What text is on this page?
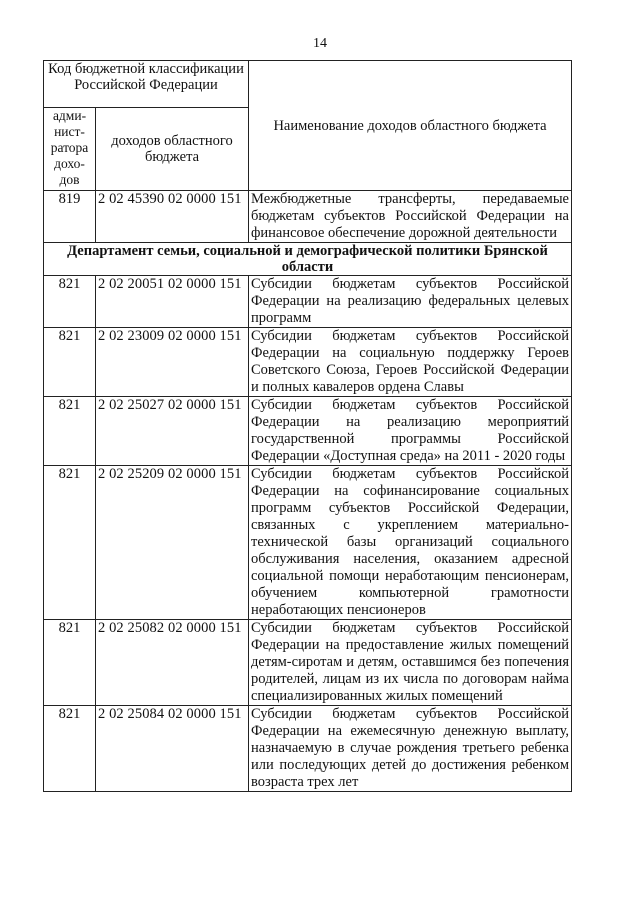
14
Код бюджетной классификации Российской Федерации		Наименование доходов областного бюджета
адми-нист-ратора дохо-дов	доходов областного бюджета	
819	2 02 45390 02 0000 151	Межбюджетные трансферты, передаваемые бюджетам субъектов Российской Федерации на финансовое обеспечение дорожной деятельности
Департамент семьи, социальной и демографической политики Брянской области		
821	2 02 20051 02 0000 151	Субсидии бюджетам субъектов Российской Федерации на реализацию федеральных целевых программ
821	2 02 23009 02 0000 151	Субсидии бюджетам субъектов Российской Федерации на социальную поддержку Героев Советского Союза, Героев Российской Федерации и полных кавалеров ордена Славы
821	2 02 25027 02 0000 151	Субсидии бюджетам субъектов Российской Федерации на реализацию мероприятий государственной программы Российской Федерации «Доступная среда» на 2011 - 2020 годы
821	2 02 25209 02 0000 151	Субсидии бюджетам субъектов Российской Федерации на софинансирование социальных программ субъектов Российской Федерации, связанных с укреплением материально-технической базы организаций социального обслуживания населения, оказанием адресной социальной помощи неработающим пенсионерам, обучением компьютерной грамотности неработающих пенсионеров
821	2 02 25082 02 0000 151	Субсидии бюджетам субъектов Российской Федерации на предоставление жилых помещений детям-сиротам и детям, оставшимся без попечения родителей, лицам из их числа по договорам найма специализированных жилых помещений
821	2 02 25084 02 0000 151	Субсидии бюджетам субъектов Российской Федерации на ежемесячную денежную выплату, назначаемую в случае рождения третьего ребенка или последующих детей до достижения ребенком возраста трех лет
